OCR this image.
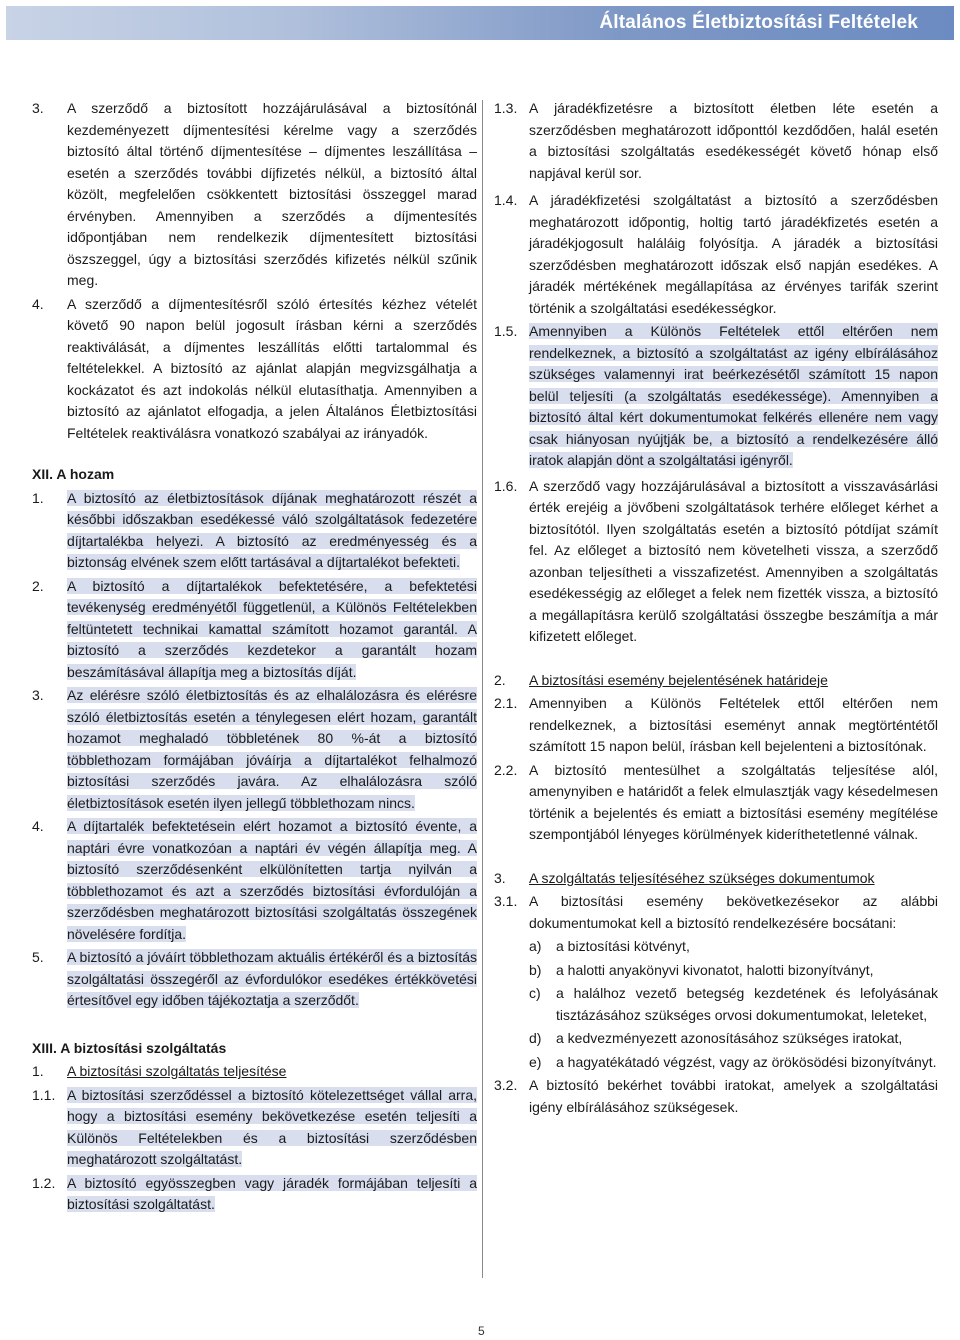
Általános Életbiztosítási Feltételek
3.	A szerződő a biztosított hozzájárulásával a biztosítónál kezdeményezett díjmentesítési kérelme vagy a szerződés biztosító által történő díjmentesítése – díjmentes leszállítása – esetén a szerződés további díjfizetés nélkül, a biztosító által közölt, megfelelően csökkentett biztosítási összeggel marad érvényben. Amennyiben a szerződés a díjmentesítés időpontjában nem rendelkezik díjmentesített biztosítási öszszeggel, úgy a biztosítási szerződés kifizetés nélkül szűnik meg.
4.	A szerződő a díjmentesítésről szóló értesítés kézhez vételét követő 90 napon belül jogosult írásban kérni a szerződés reaktiválását, a díjmentes leszállítás előtti tartalommal és feltételekkel. A biztosító az ajánlat alapján megvizsgálhatja a kockázatot és azt indokolás nélkül elutasíthatja. Amennyiben a biztosító az ajánlatot elfogadja, a jelen Általános Életbiztosítási Feltételek reaktiválásra vonatkozó szabályai az irányadók.
XII. A hozam
1.	A biztosító az életbiztosítások díjának meghatározott részét a későbbi időszakban esedékessé váló szolgáltatások fedezetére díjtartalékba helyezi. A biztosító az eredményesség és a biztonság elvének szem előtt tartásával a díjtartalékot befekteti.
2.	A biztosító a díjtartalékok befektetésére, a befektetési tevékenység eredményétől függetlenül, a Különös Feltételekben feltüntetett technikai kamattal számított hozamot garantál. A biztosító a szerződés kezdetekor a garantált hozam beszámításával állapítja meg a biztosítás díját.
3.	Az elérésre szóló életbiztosítás és az elhalálozásra és elérésre szóló életbiztosítás esetén a ténylegesen elért hozam, garantált hozamot meghaladó többletének 80 %-át a biztosító többlethozam formájában jóváírja a díjtartalékot felhalmozó biztosítási szerződés javára. Az elhalálozásra szóló életbiztosítások esetén ilyen jellegű többlethozam nincs.
4.	A díjtartalék befektetésein elért hozamot a biztosító évente, a naptári évre vonatkozóan a naptári év végén állapítja meg. A biztosító szerződésenként elkülönítetten tartja nyilván a többlethozamot és azt a szerződés biztosítási évfordulóján a szerződésben meghatározott biztosítási szolgáltatás összegének növelésére fordítja.
5.	A biztosító a jóváírt többlethozam aktuális értékéről és a biztosítás szolgáltatási összegéről az évfordulókor esedékes értékkövetési értesítővel egy időben tájékoztatja a szerződőt.
XIII. A biztosítási szolgáltatás
1.	A biztosítási szolgáltatás teljesítése
1.1. A biztosítási szerződéssel a biztosító kötelezettséget vállal arra, hogy a biztosítási esemény bekövetkezése esetén teljesíti a Különös Feltételekben és a biztosítási szerződésben meghatározott szolgáltatást.
1.2. A biztosító egyösszegben vagy járadék formájában teljesíti a biztosítási szolgáltatást.
1.3. A járadékfizetésre a biztosított életben léte esetén a szerződésben meghatározott időponttól kezdődően, halál esetén a biztosítási szolgáltatás esedékességét követő hónap első napjával kerül sor.
1.4. A járadékfizetési szolgáltatást a biztosító a szerződésben meghatározott időpontig, holtig tartó járadékfizetés esetén a járadékjogosult haláláig folyósítja. A járadék a biztosítási szerződésben meghatározott időszak első napján esedékes. A járadék mértékének megállapítása az érvényes tarifák szerint történik a szolgáltatási esedékességkor.
1.5. Amennyiben a Különös Feltételek ettől eltérően nem rendelkeznek, a biztosító a szolgáltatást az igény elbírálásához szükséges valamennyi irat beérkezésétől számított 15 napon belül teljesíti (a szolgáltatás esedékessége). Amennyiben a biztosító által kért dokumentumokat felkérés ellenére nem vagy csak hiányosan nyújtják be, a biztosító a rendelkezésére álló iratok alapján dönt a szolgáltatási igényről.
1.6. A szerződő vagy hozzájárulásával a biztosított a visszavásárlási érték erejéig a jövőbeni szolgáltatások terhére előleget kérhet a biztosítótól. Ilyen szolgáltatás esetén a biztosító pótdíjat számít fel. Az előleget a biztosító nem követelheti vissza, a szerződő azonban teljesítheti a visszafizetést. Amennyiben a szolgáltatás esedékességig az előleget a felek nem fizették vissza, a biztosító a megállapításra kerülő szolgáltatási összegbe beszámítja a már kifizetett előleget.
2.	A biztosítási esemény bejelentésének határideje
2.1. Amennyiben a Különös Feltételek ettől eltérően nem rendelkeznek, a biztosítási eseményt annak megtörténtétől számított 15 napon belül, írásban kell bejelenteni a biztosítónak.
2.2. A biztosító mentesülhet a szolgáltatás teljesítése alól, amenynyiben e határidőt a felek elmulasztják vagy késedelmesen történik a bejelentés és emiatt a biztosítási esemény megítélése szempontjából lényeges körülmények kideríthetetlenné válnak.
3.	A szolgáltatás teljesítéséhez szükséges dokumentumok
3.1. A biztosítási esemény bekövetkezésekor az alábbi dokumentumokat kell a biztosító rendelkezésére bocsátani:
a)	a biztosítási kötvényt,
b)	a halotti anyakönyvi kivonatot, halotti bizonyítványt,
c)	a halálhoz vezető betegség kezdetének és lefolyásának tisztázásához szükséges orvosi dokumentumokat, leleteket,
d)	a kedvezményezett azonosításához szükséges iratokat,
e)	a hagyatékátadó végzést, vagy az örökösödési bizonyítványt.
3.2. A biztosító bekérhet további iratokat, amelyek a szolgáltatási igény elbírálásához szükségesek.
5
